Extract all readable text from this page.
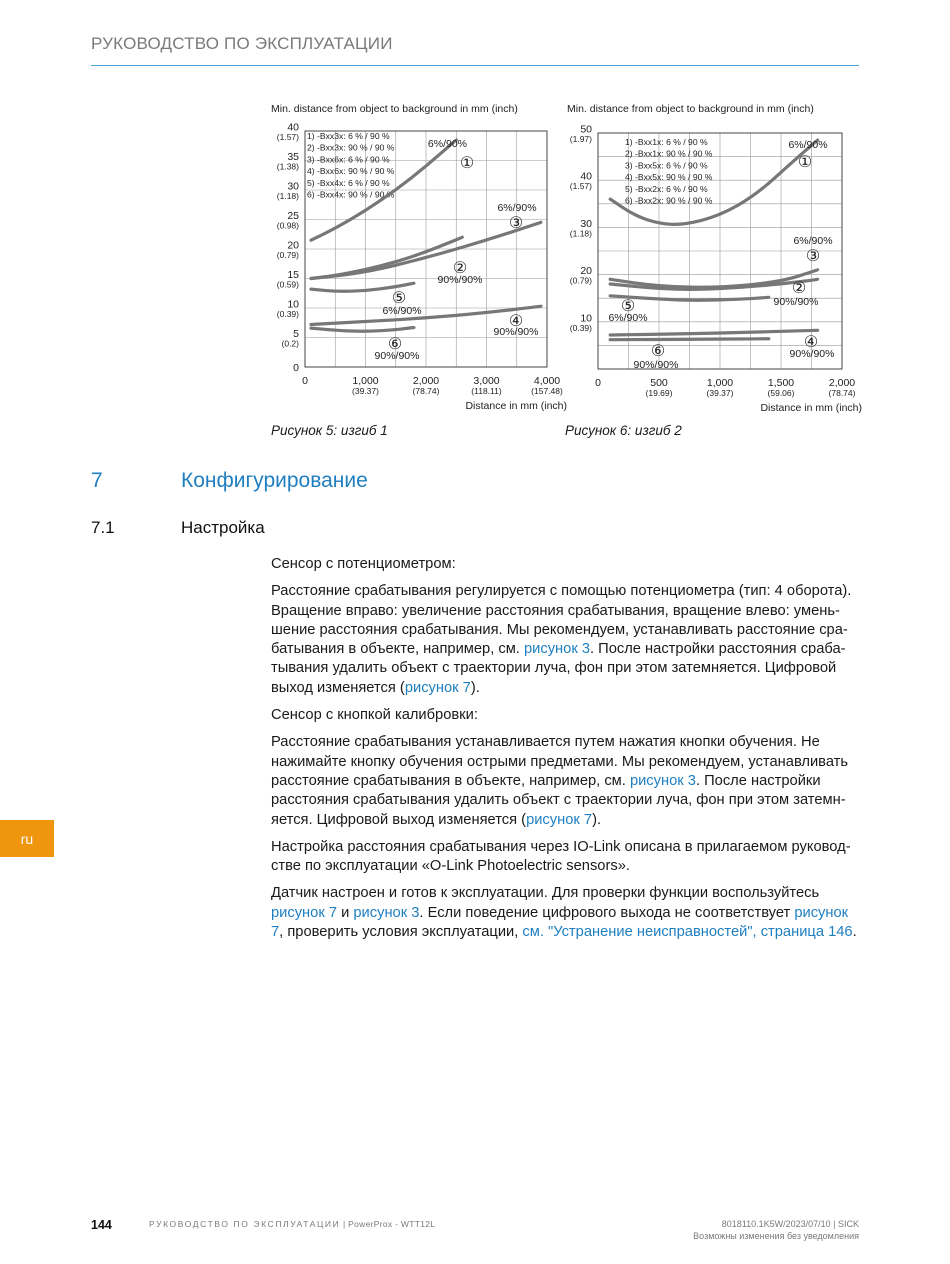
РУКОВОДСТВО ПО ЭКСПЛУАТАЦИИ
Min. distance from object to background in mm (inch)
40
(1.57)
35
(1.38)
30
(1.18)
25
(0.98)
20
(0.79)
15
(0.59)
10
(0.39)
5
(0.2)
0
0	1,000
(39.37)
2,000
(78.74)
3,000
(118.11)
4,000
(157.48)
Distance in mm (inch)
1) -Bxx3x: 6 % / 90 %
2) -Bxx3x: 90 % / 90 %
3) -Bxx6x: 6 % / 90 %
4) -Bxx6x: 90 % / 90 %
5) -Bxx4x: 6 % / 90 %
6) -Bxx4x: 90 % / 90 %
6%/90%
①
90%/90%
②
6%/90%
③
90%/90%
④
6%/90%
⑤
90%/90%
⑥
Min. distance from object to background in mm (inch)
50
(1.97)
40
(1.57)
30
(1.18)
20
(0.79)
10
(0.39)
0	500
(19.69)
1,000
(39.37)
1,500
(59.06)
2,000
(78.74)
Distance in mm (inch)
1) -Bxx1x: 6 % / 90 %
2) -Bxx1x: 90 % / 90 %
3) -Bxx5x: 6 % / 90 %
4) -Bxx5x: 90 % / 90 %
5) -Bxx2x: 6 % / 90 %
6) -Bxx2x: 90 % / 90 %
6%/90%
①
90%/90%
②
6%/90%
③
90%/90%
④
6%/90%
⑤
90%/90%
⑥
Рисунок 5: изгиб 1	Рисунок 6: изгиб 2
7	Конфигурирование
7.1	Настройка

Сенсор с потенциометром:

Расстояние срабатывания регулируется с помощью потенциометра (тип: 4 оборота). Вращение вправо: увеличение расстояния срабатывания, вращение влево: уменьшение расстояния срабатывания. Мы рекомендуем, устанавливать расстояние срабатывания в объекте, например, см. рисунок 3. После настройки расстояния срабатывания удалить объект с траектории луча, фон при этом затемняется. Цифровой выход изменяется (рисунок 7).

Сенсор с кнопкой калибровки:

Расстояние срабатывания устанавливается путем нажатия кнопки обучения. Не нажимайте кнопку обучения острыми предметами. Мы рекомендуем, устанавливать расстояние срабатывания в объекте, например, см. рисунок 3. После настройки расстояния срабатывания удалить объект с траектории луча, фон при этом затемняется. Цифровой выход изменяется (рисунок 7).

Настройка расстояния срабатывания через IO-Link описана в прилагаемом руководстве по эксплуатации «O-Link Photoelectric sensors».

Датчик настроен и готов к эксплуатации. Для проверки функции воспользуйтесь рисунок 7 и рисунок 3. Если поведение цифрового выхода не соответствует рисунок 7, проверить условия эксплуатации, см. "Устранение неисправностей", страница 146.

ru
144	РУКОВОДСТВО ПО ЭКСПЛУАТАЦИИ | PowerProx - WTT12L	8018110.1K5W/2023/07/10 | SICK
Возможны изменения без уведомления
